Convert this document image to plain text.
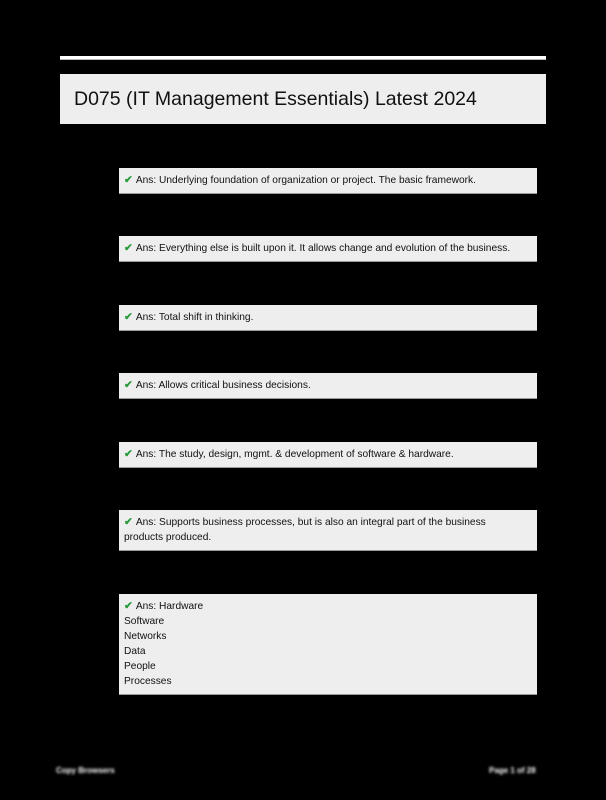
D075 (IT Management Essentials) Latest 2024
✔ Ans: Underlying foundation of organization or project. The basic framework.
✔ Ans: Everything else is built upon it. It allows change and evolution of the business.
✔ Ans: Total shift in thinking.
✔ Ans: Allows critical business decisions.
✔ Ans: The study, design, mgmt. & development of software & hardware.
✔ Ans: Supports business processes, but is also an integral part of the business
products produced.
✔ Ans: Hardware
Software
Networks
Data
People
Processes
Copy Browsers	Page 1 of 28
